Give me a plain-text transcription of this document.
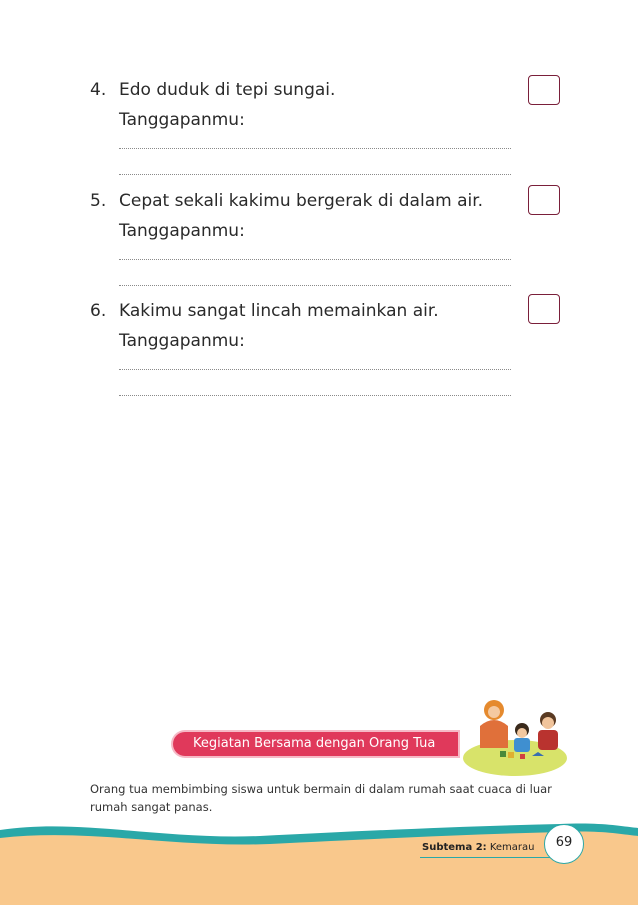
4. Edo duduk di tepi sungai.
Tanggapanmu:
5. Cepat sekali kakimu bergerak di dalam air.
Tanggapanmu:
6. Kakimu sangat lincah memainkan air.
Tanggapanmu:
Kegiatan Bersama dengan Orang Tua
Orang tua membimbing siswa untuk bermain di dalam rumah saat cuaca di luar rumah sangat panas.
Subtema 2: Kemarau	69
